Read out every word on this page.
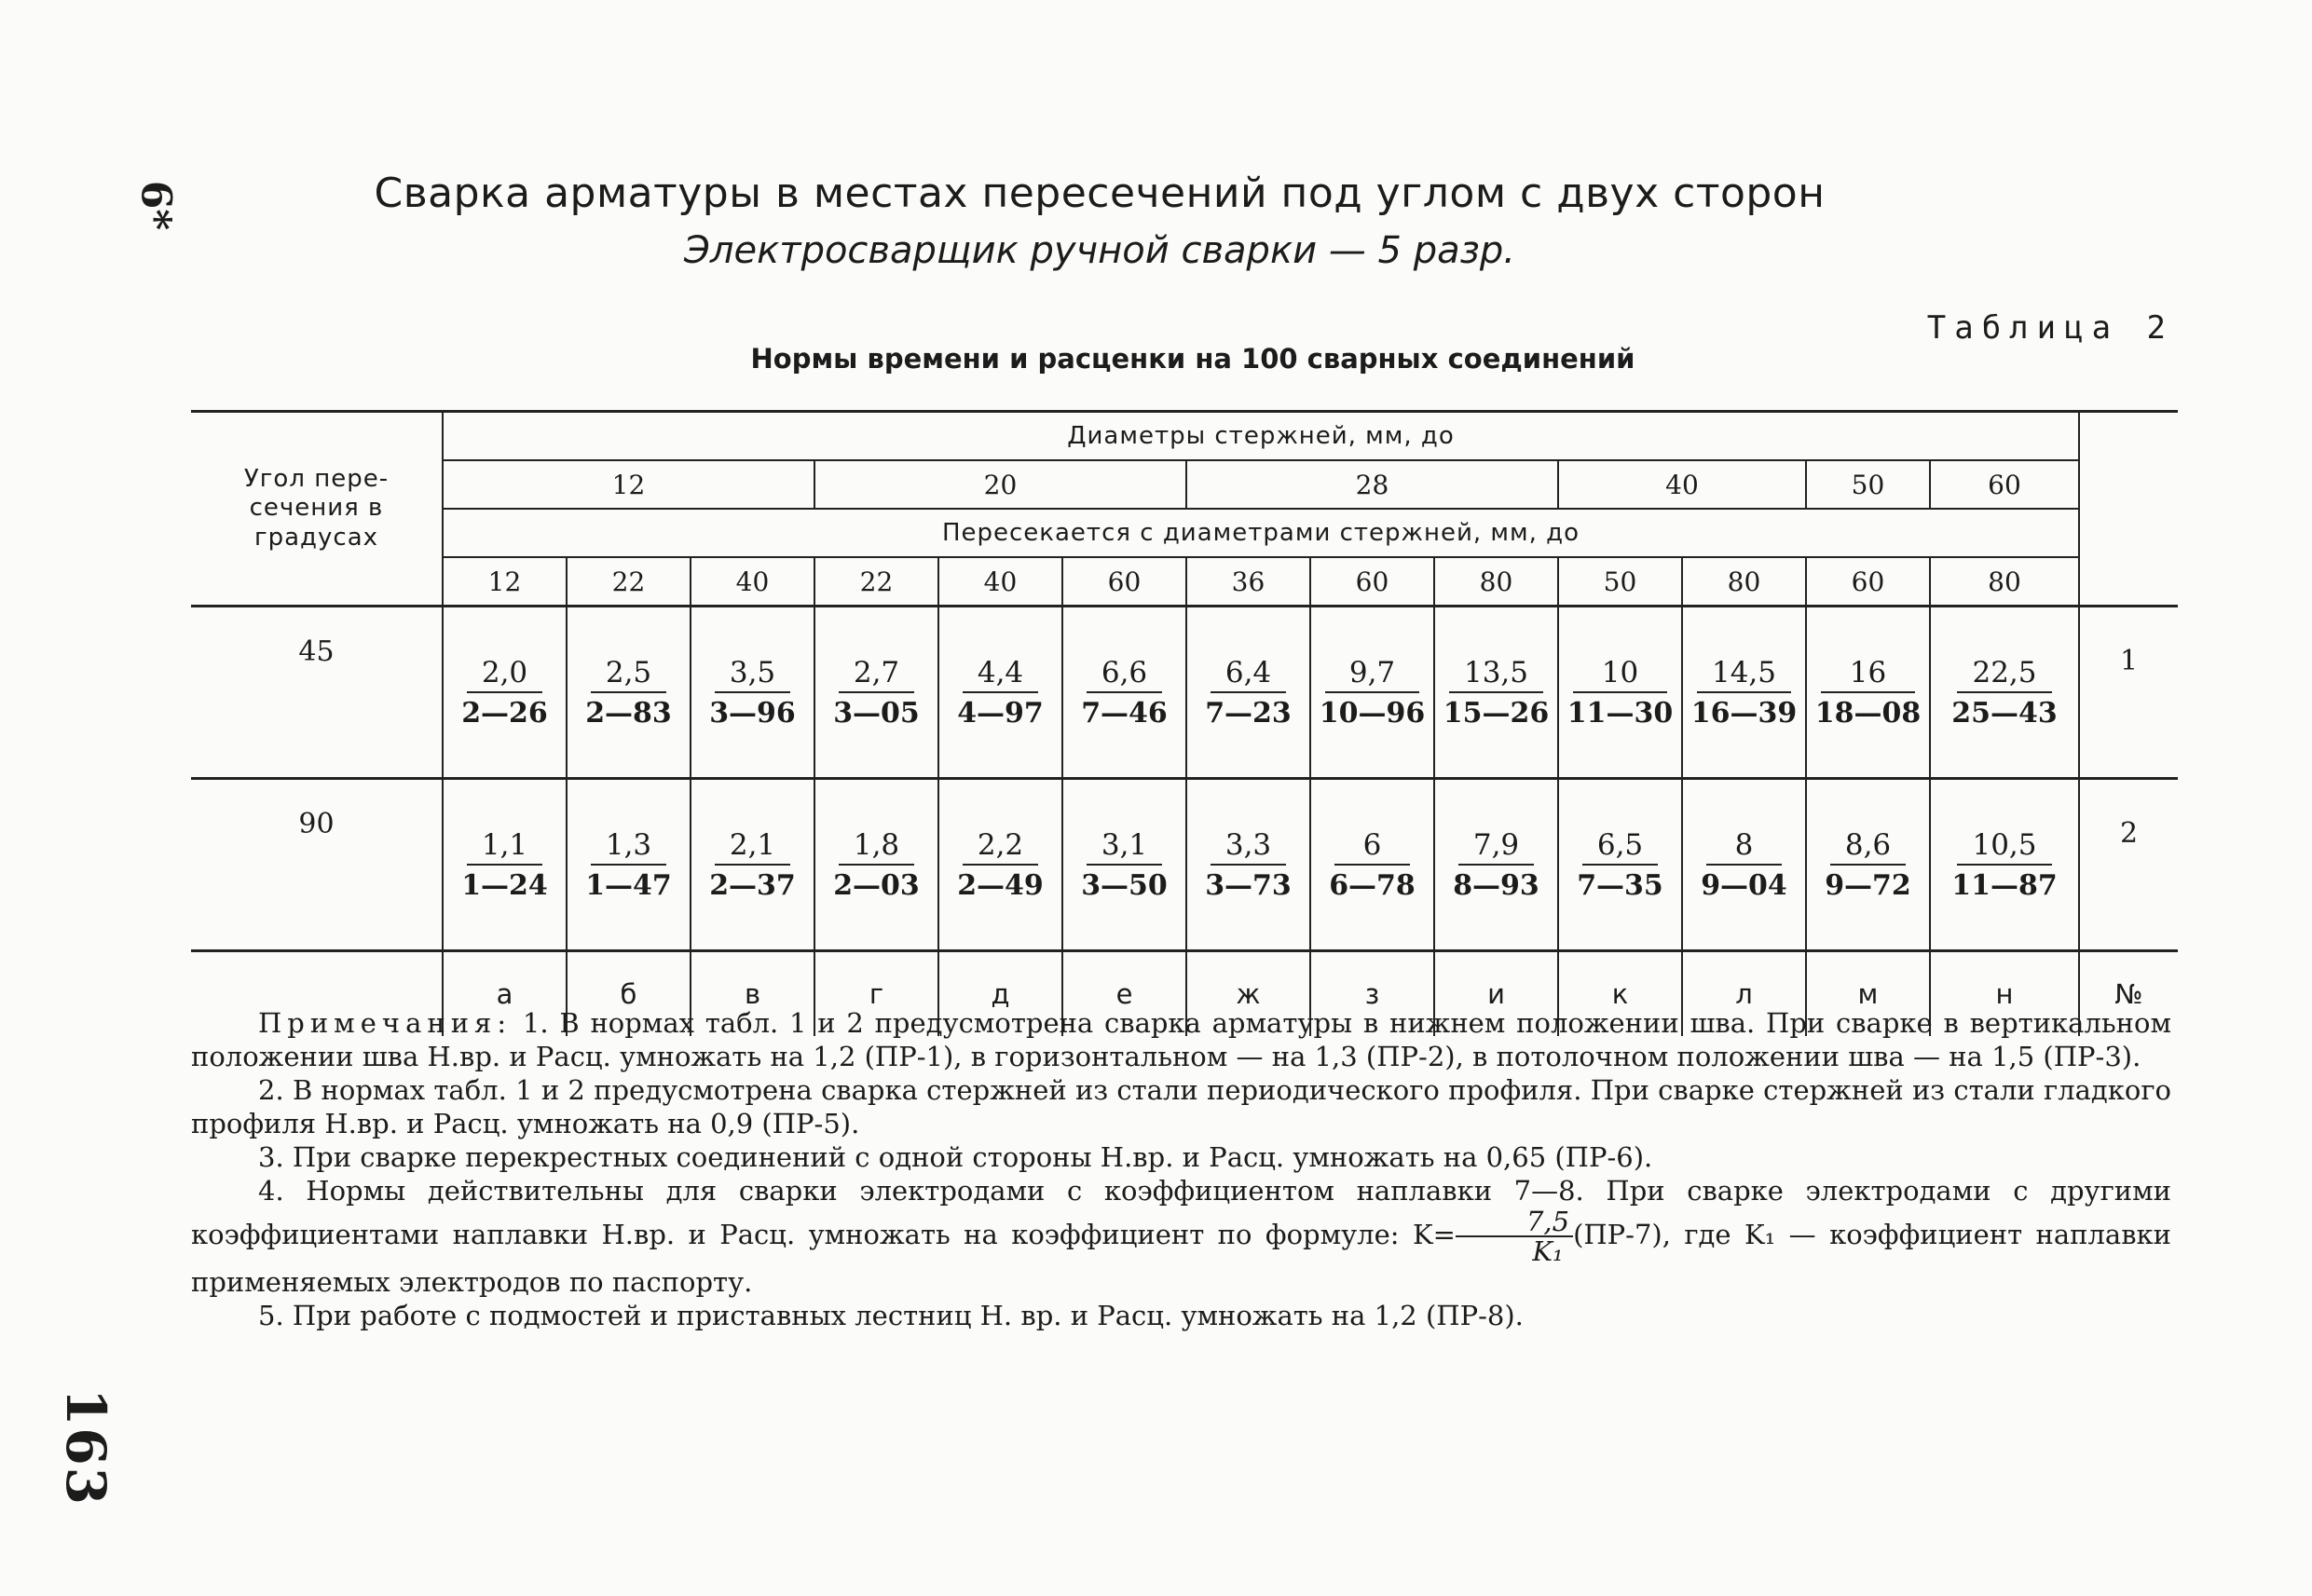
6*
163
Сварка арматуры в местах пересечений под углом с двух сторон
Электросварщик ручной сварки — 5 разр.
Таблица 2
Нормы времени и расценки на 100 сварных соединений
Угол пере-сечения в градусах	Диаметры стержней, мм, до													
	12			20			28			40		50	60	
	Пересекается с диаметрами стержней, мм, до													
	12	22	40	22	40	60	36	60	80	50	80	60	80	
45	$\frac{2,0}{2—26}$	$\frac{2,5}{2—83}$	$\frac{3,5}{3—96}$	$\frac{2,7}{3—05}$	$\frac{4,4}{4—97}$	$\frac{6,6}{7—46}$	$\frac{6,4}{7—23}$	$\frac{9,7}{10—96}$	$\frac{13,5}{15—26}$	$\frac{10}{11—30}$	$\frac{14,5}{16—39}$	$\frac{16}{18—08}$	$\frac{22,5}{25—43}$	1
90	$\frac{1,1}{1—24}$	$\frac{1,3}{1—47}$	$\frac{2,1}{2—37}$	$\frac{1,8}{2—03}$	$\frac{2,2}{2—49}$	$\frac{3,1}{3—50}$	$\frac{3,3}{3—73}$	$\frac{6}{6—78}$	$\frac{7,9}{8—93}$	$\frac{6,5}{7—35}$	$\frac{8}{9—04}$	$\frac{8,6}{9—72}$	$\frac{10,5}{11—87}$	2
	а	б	в	г	д	е	ж	з	и	к	л	м	н	№

Примечания: 1. В нормах табл. 1 и 2 предусмотрена сварка арматуры в нижнем положении шва. При сварке в вертикальном положении шва Н.вр. и Расц. умножать на 1,2 (ПР-1), в горизонтальном — на 1,3 (ПР-2), в потолочном положении шва — на 1,5 (ПР-3).

2. В нормах табл. 1 и 2 предусмотрена сварка стержней из стали периодического профиля. При сварке стержней из стали гладкого профиля Н.вр. и Расц. умножать на 0,9 (ПР-5).

3. При сварке перекрестных соединений с одной стороны Н.вр. и Расц. умножать на 0,65 (ПР-6).

4. Нормы действительны для сварки электродами с коэффициентом наплавки 7—8. При сварке электродами с другими коэффициентами наплавки Н.вр. и Расц. умножать на коэффициент по формуле: $K= \frac{7,5}{\text{K₁}} (ПР-7)$, где K₁ — коэффициент наплавки применяемых электродов по паспорту.

5. При работе с подмостей и приставных лестниц Н. вр. и Расц. умножать на 1,2 (ПР-8).
